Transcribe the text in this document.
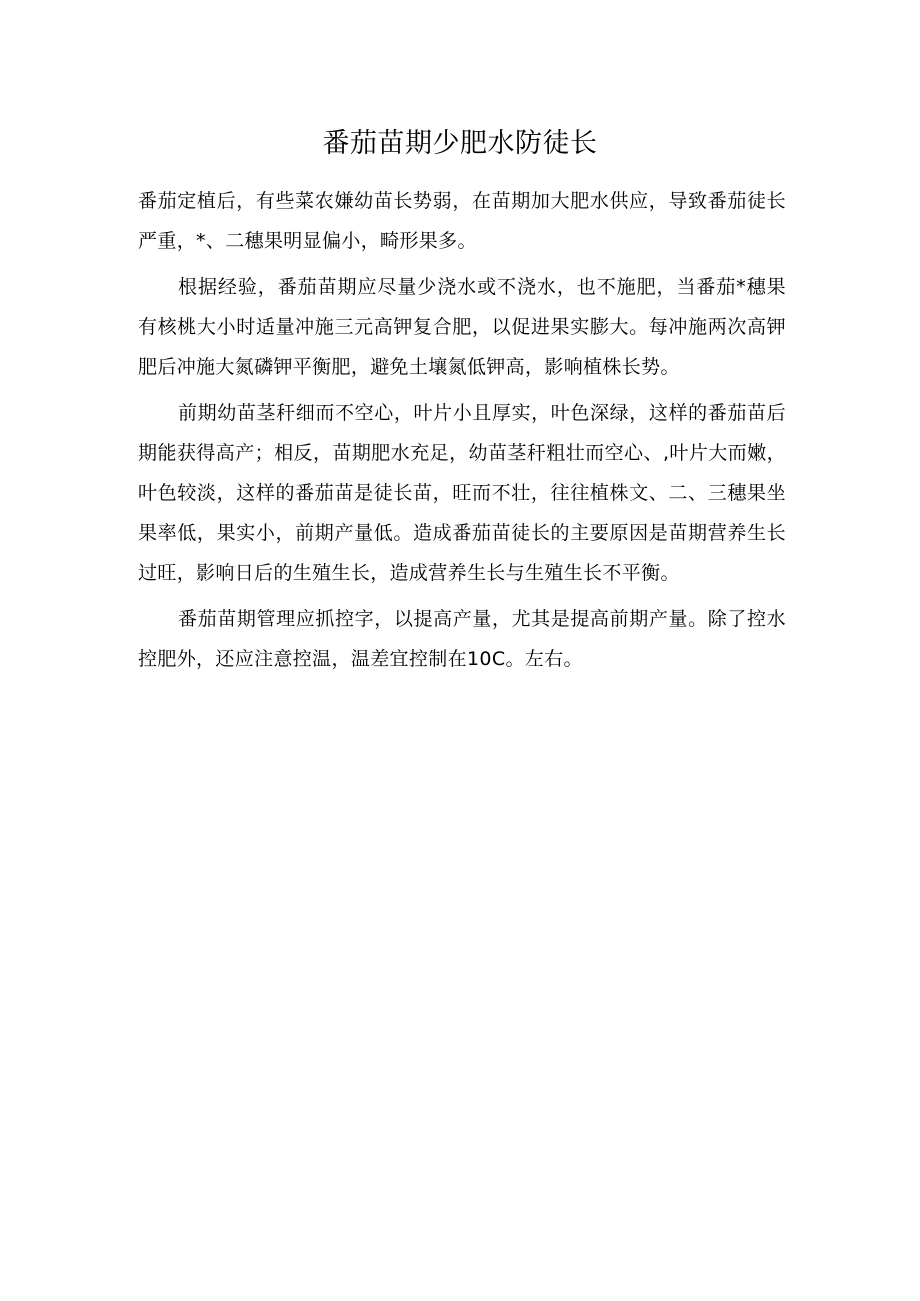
番茄苗期少肥水防徒长

番茄定植后，有些菜农嫌幼苗长势弱，在苗期加大肥水供应，导致番茄徒长严重，*、二穗果明显偏小，畸形果多。

根据经验，番茄苗期应尽量少浇水或不浇水，也不施肥，当番茄*穗果有核桃大小时适量冲施三元高钾复合肥，以促进果实膨大。每冲施两次高钾肥后冲施大氮磷钾平衡肥，避免土壤氮低钾高，影响植株长势。

前期幼苗茎秆细而不空心，叶片小且厚实，叶色深绿，这样的番茄苗后期能获得高产；相反，苗期肥水充足，幼苗茎秆粗壮而空心、,叶片大而嫩，叶色较淡，这样的番茄苗是徒长苗，旺而不壮，往往植株文、二、三穗果坐果率低，果实小，前期产量低。造成番茄苗徒长的主要原因是苗期营养生长过旺，影响日后的生殖生长，造成营养生长与生殖生长不平衡。

番茄苗期管理应抓控字，以提高产量，尤其是提高前期产量。除了控水控肥外，还应注意控温，温差宜控制在10C。左右。
